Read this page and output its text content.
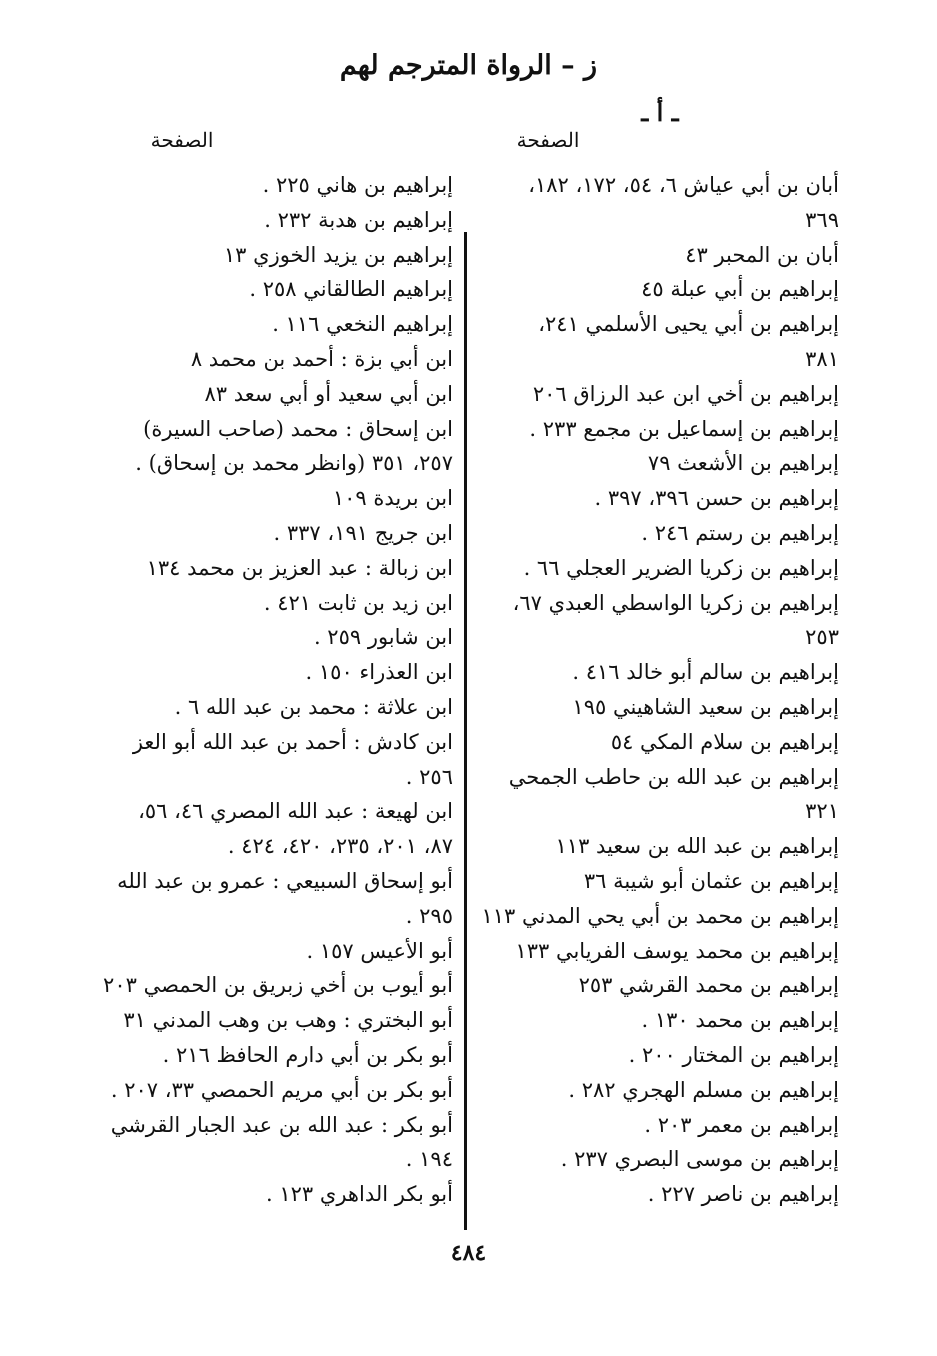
ز – الرواة المترجم لهم
ـ أ ـ
الصفحة
الصفحة
أبان بن أبي عياش ٦، ٥٤، ١٧٢، ١٨٢،
٣٦٩
أبان بن المحبر ٤٣
إبراهيم بن أبي عبلة ٤٥
إبراهيم بن أبي يحيى الأسلمي ٢٤١،
٣٨١
إبراهيم بن أخي ابن عبد الرزاق ٢٠٦
إبراهيم بن إسماعيل بن مجمع ٢٣٣ .
إبراهيم بن الأشعث ٧٩
إبراهيم بن حسن ٣٩٦، ٣٩٧ .
إبراهيم بن رستم ٢٤٦ .
إبراهيم بن زكريا الضرير العجلي ٦٦ .
إبراهيم بن زكريا الواسطي العبدي ٦٧،
٢٥٣
إبراهيم بن سالم أبو خالد ٤١٦ .
إبراهيم بن سعيد الشاهيني ١٩٥
إبراهيم بن سلام المكي ٥٤
إبراهيم بن عبد الله بن حاطب الجمحي
٣٢١
إبراهيم بن عبد الله بن سعيد ١١٣
إبراهيم بن عثمان أبو شيبة ٣٦
إبراهيم بن محمد بن أبي يحي المدني ١١٣
إبراهيم بن محمد يوسف الفريابي ١٣٣
إبراهيم بن محمد القرشي ٢٥٣
إبراهيم بن محمد ١٣٠ .
إبراهيم بن المختار ٢٠٠ .
إبراهيم بن مسلم الهجري ٢٨٢ .
إبراهيم بن معمر ٢٠٣ .
إبراهيم بن موسى البصري ٢٣٧ .
إبراهيم بن ناصر ٢٢٧ .
إبراهيم بن هاني ٢٢٥ .
إبراهيم بن هدبة ٢٣٢ .
إبراهيم بن يزيد الخوزي ١٣
إبراهيم الطالقاني ٢٥٨ .
إبراهيم النخعي ١١٦ .
ابن أبي بزة : أحمد بن محمد ٨
ابن أبي سعيد أو أبي سعد ٨٣
ابن إسحاق : محمد (صاحب السيرة)
٢٥٧، ٣٥١ (وانظر محمد بن إسحاق) .
ابن بريدة ١٠٩
ابن جريج ١٩١، ٣٣٧ .
ابن زبالة : عبد العزيز بن محمد ١٣٤
ابن زيد بن ثابت ٤٢١ .
ابن شابور ٢٥٩ .
ابن العذراء ١٥٠ .
ابن علاثة : محمد بن عبد الله ٦ .
ابن كادش : أحمد بن عبد الله أبو العز
٢٥٦ .
ابن لهيعة : عبد الله المصري ٤٦، ٥٦،
٨٧، ٢٠١، ٢٣٥، ٤٢٠، ٤٢٤ .
أبو إسحاق السبيعي : عمرو بن عبد الله
٢٩٥ .
أبو الأعيس ١٥٧ .
أبو أيوب بن أخي زبريق بن الحمصي ٢٠٣
أبو البختري : وهب بن وهب المدني ٣١
أبو بكر بن أبي دارم الحافظ ٢١٦ .
أبو بكر بن أبي مريم الحمصي ٣٣، ٢٠٧ .
أبو بكر : عبد الله بن عبد الجبار القرشي
١٩٤ .
أبو بكر الداهري ١٢٣ .
٤٨٤
